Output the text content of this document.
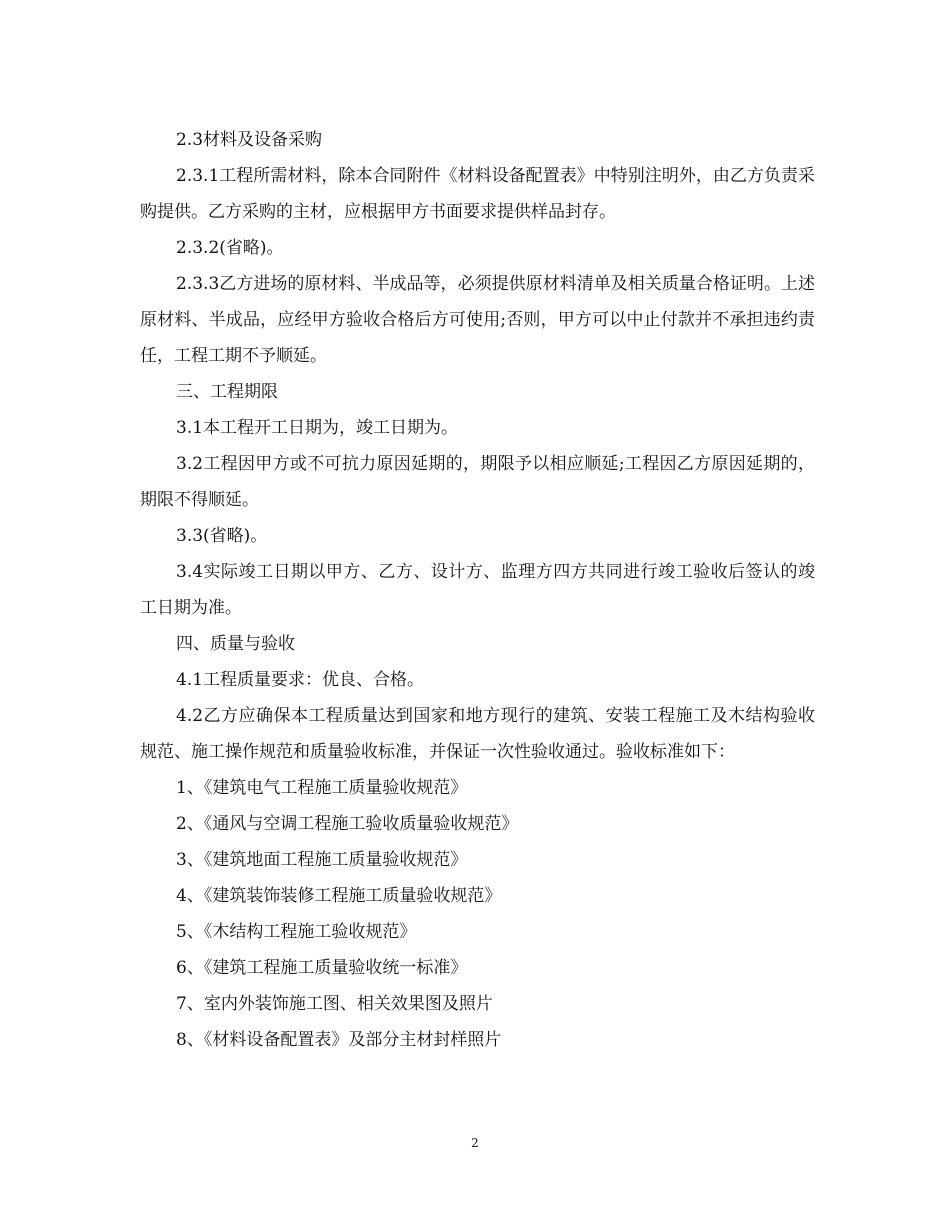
2.3材料及设备采购

2.3.1工程所需材料，除本合同附件《材料设备配置表》中特别注明外，由乙方负责采购提供。乙方采购的主材，应根据甲方书面要求提供样品封存。

2.3.2(省略)。

2.3.3乙方进场的原材料、半成品等，必须提供原材料清单及相关质量合格证明。上述原材料、半成品，应经甲方验收合格后方可使用;否则，甲方可以中止付款并不承担违约责任，工程工期不予顺延。

三、工程期限

3.1本工程开工日期为，竣工日期为。

3.2工程因甲方或不可抗力原因延期的，期限予以相应顺延;工程因乙方原因延期的，期限不得顺延。

3.3(省略)。

3.4实际竣工日期以甲方、乙方、设计方、监理方四方共同进行竣工验收后签认的竣工日期为准。

四、质量与验收

4.1工程质量要求：优良、合格。

4.2乙方应确保本工程质量达到国家和地方现行的建筑、安装工程施工及木结构验收规范、施工操作规范和质量验收标准，并保证一次性验收通过。验收标准如下：

1、《建筑电气工程施工质量验收规范》

2、《通风与空调工程施工验收质量验收规范》

3、《建筑地面工程施工质量验收规范》

4、《建筑装饰装修工程施工质量验收规范》

5、《木结构工程施工验收规范》

6、《建筑工程施工质量验收统一标准》

7、室内外装饰施工图、相关效果图及照片

8、《材料设备配置表》及部分主材封样照片

2
